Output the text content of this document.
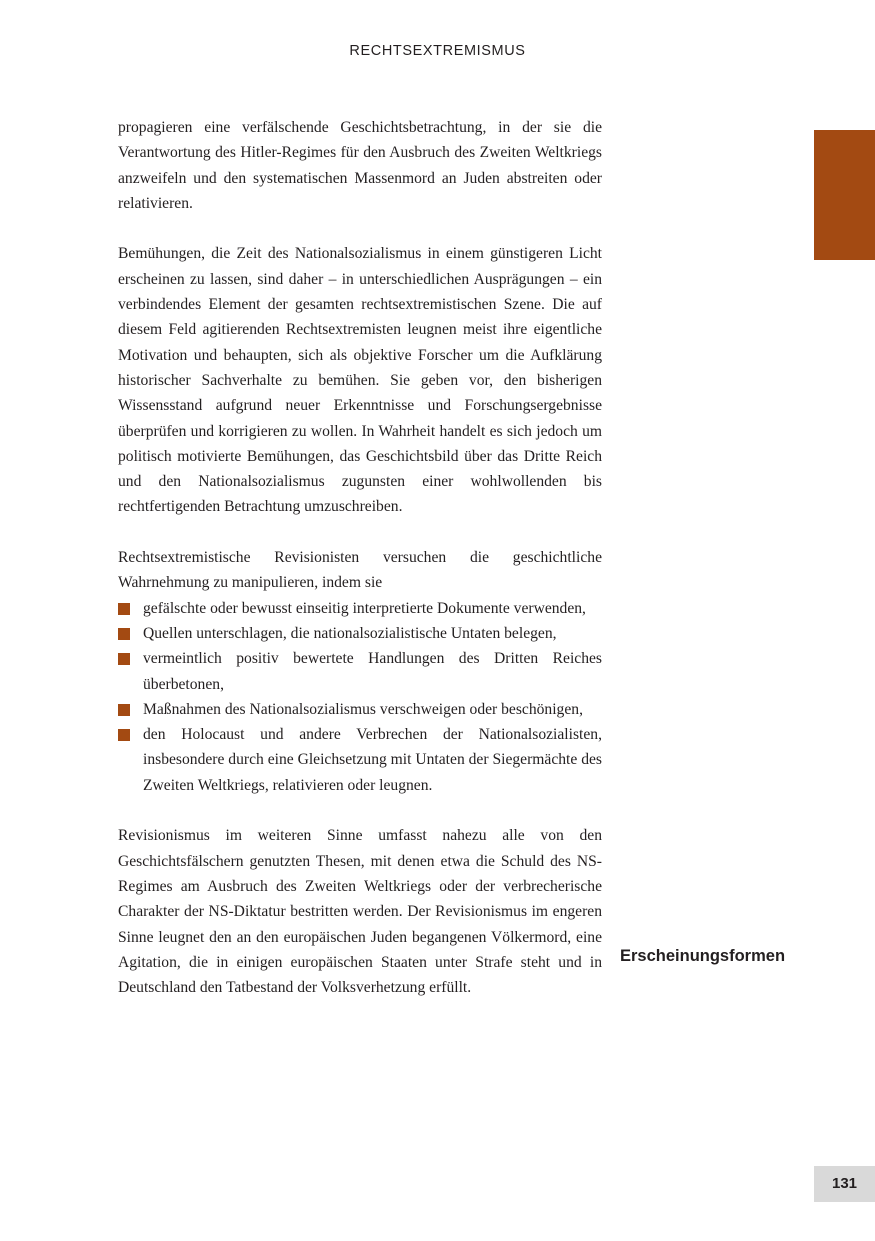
RECHTSEXTREMISMUS

propagieren eine verfälschende Geschichtsbetrachtung, in der sie die Verantwortung des Hitler-Regimes für den Ausbruch des Zweiten Weltkriegs anzweifeln und den systematischen Massenmord an Juden abstreiten oder relativieren.

Bemühungen, die Zeit des Nationalsozialismus in einem günstigeren Licht erscheinen zu lassen, sind daher – in unterschiedlichen Ausprägungen – ein verbindendes Element der gesamten rechtsextremistischen Szene. Die auf diesem Feld agitierenden Rechtsextremisten leugnen meist ihre eigentliche Motivation und behaupten, sich als objektive Forscher um die Aufklärung historischer Sachverhalte zu bemühen. Sie geben vor, den bisherigen Wissensstand aufgrund neuer Erkenntnisse und Forschungsergebnisse überprüfen und korrigieren zu wollen. In Wahrheit handelt es sich jedoch um politisch motivierte Bemühungen, das Geschichtsbild über das Dritte Reich und den Nationalsozialismus zugunsten einer wohlwollenden bis rechtfertigenden Betrachtung umzuschreiben.

Rechtsextremistische Revisionisten versuchen die geschichtliche Wahrnehmung zu manipulieren, indem sie

gefälschte oder bewusst einseitig interpretierte Dokumente verwenden,
Quellen unterschlagen, die nationalsozialistische Untaten belegen,
vermeintlich positiv bewertete Handlungen des Dritten Reiches überbetonen,
Maßnahmen des Nationalsozialismus verschweigen oder beschönigen,
den Holocaust und andere Verbrechen der Nationalsozialisten, insbesondere durch eine Gleichsetzung mit Untaten der Siegermächte des Zweiten Weltkriegs, relativieren oder leugnen.

Revisionismus im weiteren Sinne umfasst nahezu alle von den Geschichtsfälschern genutzten Thesen, mit denen etwa die Schuld des NS-Regimes am Ausbruch des Zweiten Weltkriegs oder der verbrecherische Charakter der NS-Diktatur bestritten werden. Der Revisionismus im engeren Sinne leugnet den an den europäischen Juden begangenen Völkermord, eine Agitation, die in einigen europäischen Staaten unter Strafe steht und in Deutschland den Tatbestand der Volksverhetzung erfüllt.

Erscheinungsformen
131
